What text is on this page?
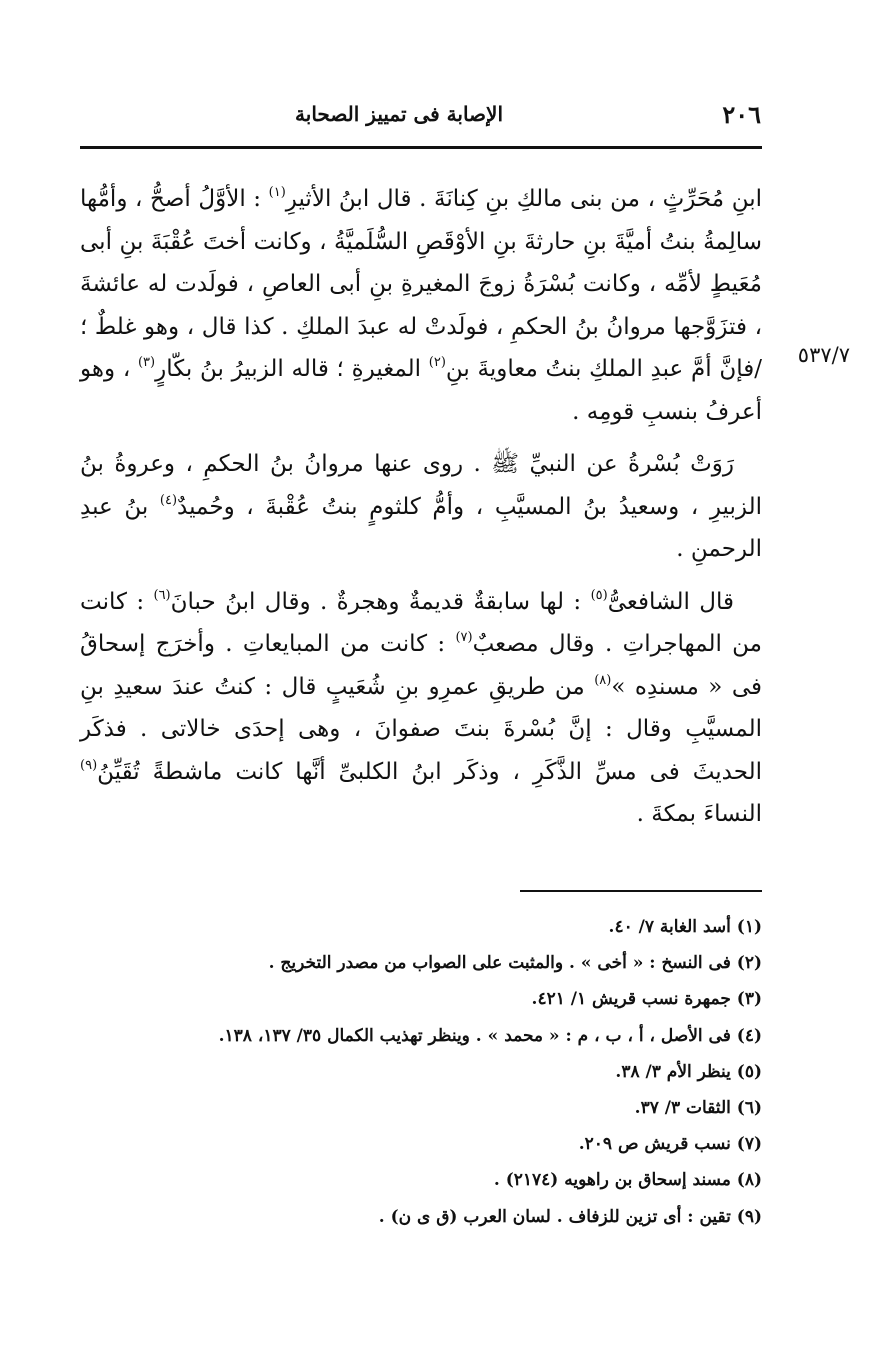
٢٠٦
الإصابة فى تمييز الصحابة

٥٣٧/٧
ابنِ مُحَرِّثٍ ، من بنى مالكِ بنِ كِنانَةَ . قال ابنُ الأثيرِ$^{(١)}$ : الأوَّلُ أصحُّ ، وأمُّها سالِمةُ بنتُ أميَّةَ بنِ حارثةَ بنِ الأوْقَصِ السُّلَميَّةُ ، وكانت أختَ عُقْبَةَ بنِ أبى مُعَيطٍ لأمِّه ، وكانت بُسْرَةُ زوجَ المغيرةِ بنِ أبى العاصِ ، فولَدت له عائشةَ ، فتزَوَّجها مروانُ بنُ الحكمِ ، فولَدتْ له عبدَ الملكِ . كذا قال ، وهو غلطٌ ؛ /فإنَّ أمَّ عبدِ الملكِ بنتُ معاويةَ بنِ$^{(٢)}$ المغيرةِ ؛ قاله الزبيرُ بنُ بكّارٍ$^{(٣)}$ ، وهو أعرفُ بنسبِ قومِه .

رَوَتْ بُسْرةُ عن النبيِّ ﷺ . روى عنها مروانُ بنُ الحكمِ ، وعروةُ بنُ الزبيرِ ، وسعيدُ بنُ المسيَّبِ ، وأمُّ كلثومٍ بنتُ عُقْبةَ ، وحُميدٌ$^{(٤)}$ بنُ عبدِ الرحمنِ .

قال الشافعىُّ$^{(٥)}$ : لها سابقةٌ قديمةٌ وهجرةٌ . وقال ابنُ حبانَ$^{(٦)}$ : كانت من المهاجراتِ . وقال مصعبٌ$^{(٧)}$ : كانت من المبايعاتِ . وأخرَج إسحاقُ فى « مسندِه »$^{(٨)}$ من طريقِ عمرِو بنِ شُعَيبٍ قال : كنتُ عندَ سعيدِ بنِ المسيَّبِ وقال : إنَّ بُسْرةَ بنتَ صفوانَ ، وهى إحدَى خالاتى . فذكَر الحديثَ فى مسِّ الذَّكَرِ ، وذكَر ابنُ الكلبىِّ أنَّها كانت ماشطةً تُقَيِّنُ$^{(٩)}$ النساءَ بمكةَ .

(١) أسد الغابة ٧/ ٤٠.
(٢) فى النسخ : « أخى » . والمثبت على الصواب من مصدر التخريج .
(٣) جمهرة نسب قريش ١/ ٤٢١.
(٤) فى الأصل ، أ ، ب ، م : « محمد » . وينظر تهذيب الكمال ٣٥/ ١٣٧، ١٣٨.
(٥) ينظر الأم ٣/ ٣٨.
(٦) الثقات ٣/ ٣٧.
(٧) نسب قريش ص ٢٠٩.
(٨) مسند إسحاق بن راهويه (٢١٧٤) .
(٩) تقين : أى تزين للزفاف . لسان العرب (ق ى ن) .
